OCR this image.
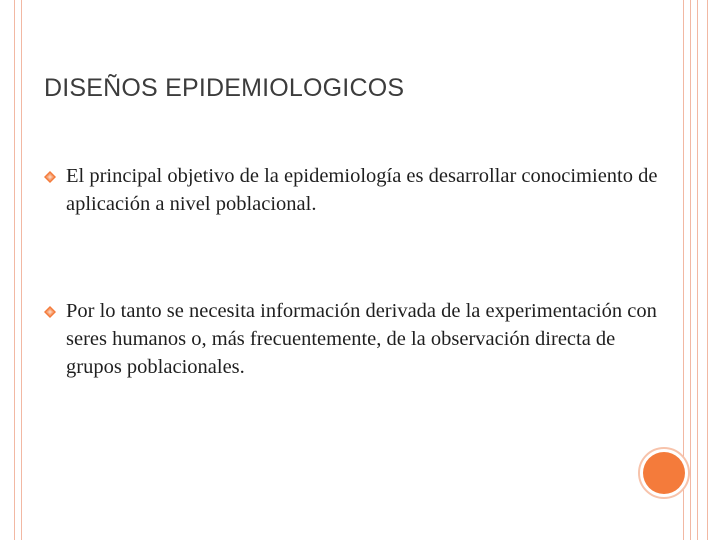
DISEÑOS EPIDEMIOLOGICOS
El principal objetivo de la epidemiología es desarrollar conocimiento de aplicación a nivel poblacional.
Por lo tanto se necesita información derivada de la experimentación con seres humanos o, más frecuentemente, de la observación directa de grupos poblacionales.
